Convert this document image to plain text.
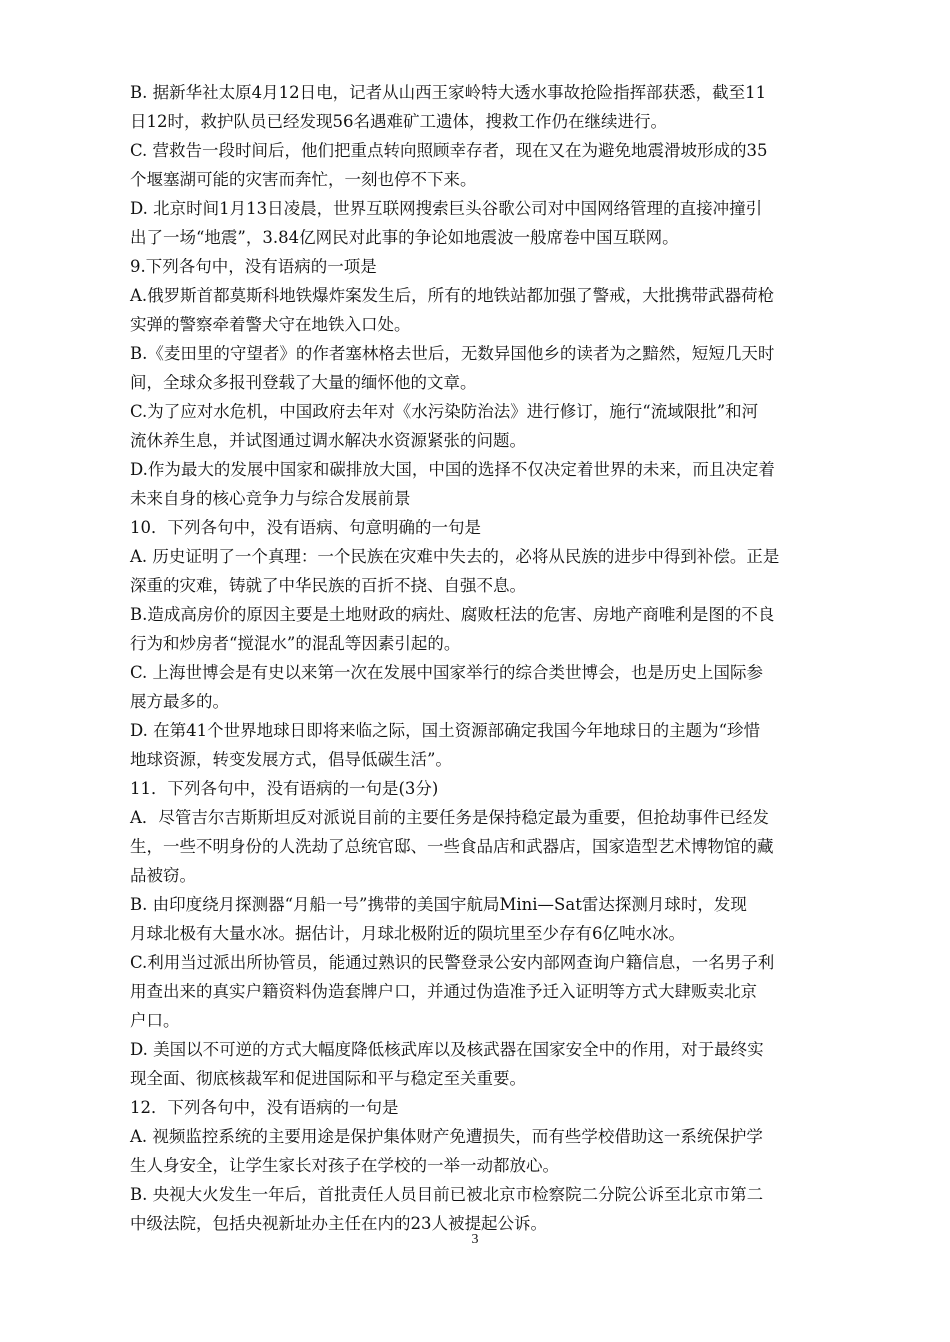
B. 据新华社太原4月12日电，记者从山西王家岭特大透水事故抢险指挥部获悉，截至11
日12时，救护队员已经发现56名遇难矿工遗体，搜救工作仍在继续进行。
C. 营救告一段时间后，他们把重点转向照顾幸存者，现在又在为避免地震滑坡形成的35
个堰塞湖可能的灾害而奔忙，一刻也停不下来。
D. 北京时间1月13日凌晨，世界互联网搜索巨头谷歌公司对中国网络管理的直接冲撞引
出了一场“地震”，3.84亿网民对此事的争论如地震波一般席卷中国互联网。
9.下列各句中，没有语病的一项是
A.俄罗斯首都莫斯科地铁爆炸案发生后，所有的地铁站都加强了警戒，大批携带武器荷枪
实弹的警察牵着警犬守在地铁入口处。
B.《麦田里的守望者》的作者塞林格去世后，无数异国他乡的读者为之黯然，短短几天时
间，全球众多报刊登载了大量的缅怀他的文章。
C.为了应对水危机，中国政府去年对《水污染防治法》进行修订，施行“流域限批”和河
流休养生息，并试图通过调水解决水资源紧张的问题。
D.作为最大的发展中国家和碳排放大国，中国的选择不仅决定着世界的未来，而且决定着
未来自身的核心竞争力与综合发展前景
10．下列各句中，没有语病、句意明确的一句是
A. 历史证明了一个真理：一个民族在灾难中失去的，必将从民族的进步中得到补偿。正是
深重的灾难，铸就了中华民族的百折不挠、自强不息。
B.造成高房价的原因主要是土地财政的病灶、腐败枉法的危害、房地产商唯利是图的不良
行为和炒房者“搅混水”的混乱等因素引起的。
C. 上海世博会是有史以来第一次在发展中国家举行的综合类世博会，也是历史上国际参
展方最多的。
D. 在第41个世界地球日即将来临之际，国土资源部确定我国今年地球日的主题为“珍惜
地球资源，转变发展方式，倡导低碳生活”。
11．下列各句中，没有语病的一句是(3分)
A．尽管吉尔吉斯斯坦反对派说目前的主要任务是保持稳定最为重要，但抢劫事件已经发
生，一些不明身份的人洗劫了总统官邸、一些食品店和武器店，国家造型艺术博物馆的藏
品被窃。
B. 由印度绕月探测器“月船一号”携带的美国宇航局Mini—Sat雷达探测月球时，发现
月球北极有大量水冰。据估计，月球北极附近的陨坑里至少存有6亿吨水冰。
C.利用当过派出所协管员，能通过熟识的民警登录公安内部网查询户籍信息，一名男子利
用查出来的真实户籍资料伪造套牌户口，并通过伪造准予迁入证明等方式大肆贩卖北京
户口。
D. 美国以不可逆的方式大幅度降低核武库以及核武器在国家安全中的作用，对于最终实
现全面、彻底核裁军和促进国际和平与稳定至关重要。
12．下列各句中，没有语病的一句是
A. 视频监控系统的主要用途是保护集体财产免遭损失，而有些学校借助这一系统保护学
生人身安全，让学生家长对孩子在学校的一举一动都放心。
B. 央视大火发生一年后，首批责任人员目前已被北京市检察院二分院公诉至北京市第二
中级法院，包括央视新址办主任在内的23人被提起公诉。
3
